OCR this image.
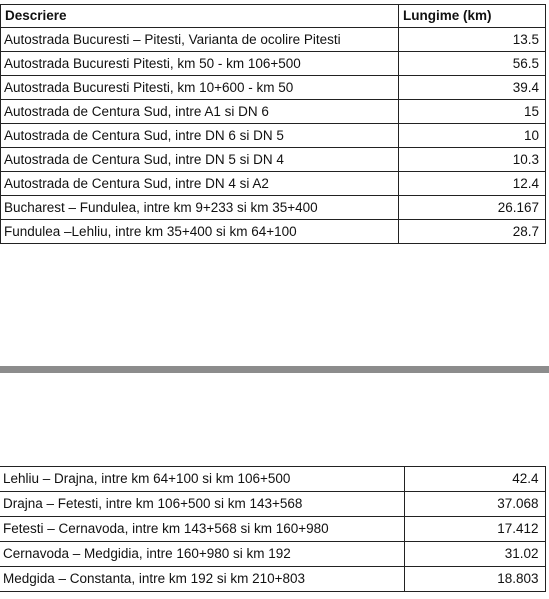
Descriere	Lungime (km)
Autostrada Bucuresti – Pitesti, Varianta de ocolire Pitesti	13.5
Autostrada Bucuresti Pitesti, km 50 - km 106+500	56.5
Autostrada Bucuresti Pitesti, km 10+600 - km 50	39.4
Autostrada de Centura Sud, intre A1 si DN 6	15
Autostrada de Centura Sud, intre DN 6 si DN 5	10
Autostrada de Centura Sud, intre DN 5 si DN 4	10.3
Autostrada de Centura Sud, intre DN 4 si A2	12.4
Bucharest – Fundulea, intre km 9+233 si km 35+400	26.167
Fundulea –Lehliu, intre km 35+400 si km 64+100	28.7
Lehliu – Drajna, intre km 64+100 si km 106+500	42.4
Drajna – Fetesti, intre km 106+500 si km 143+568	37.068
Fetesti – Cernavoda, intre km 143+568 si km 160+980	17.412
Cernavoda – Medgidia, intre 160+980 si km 192	31.02
Medgida – Constanta, intre km 192 si km 210+803	18.803
